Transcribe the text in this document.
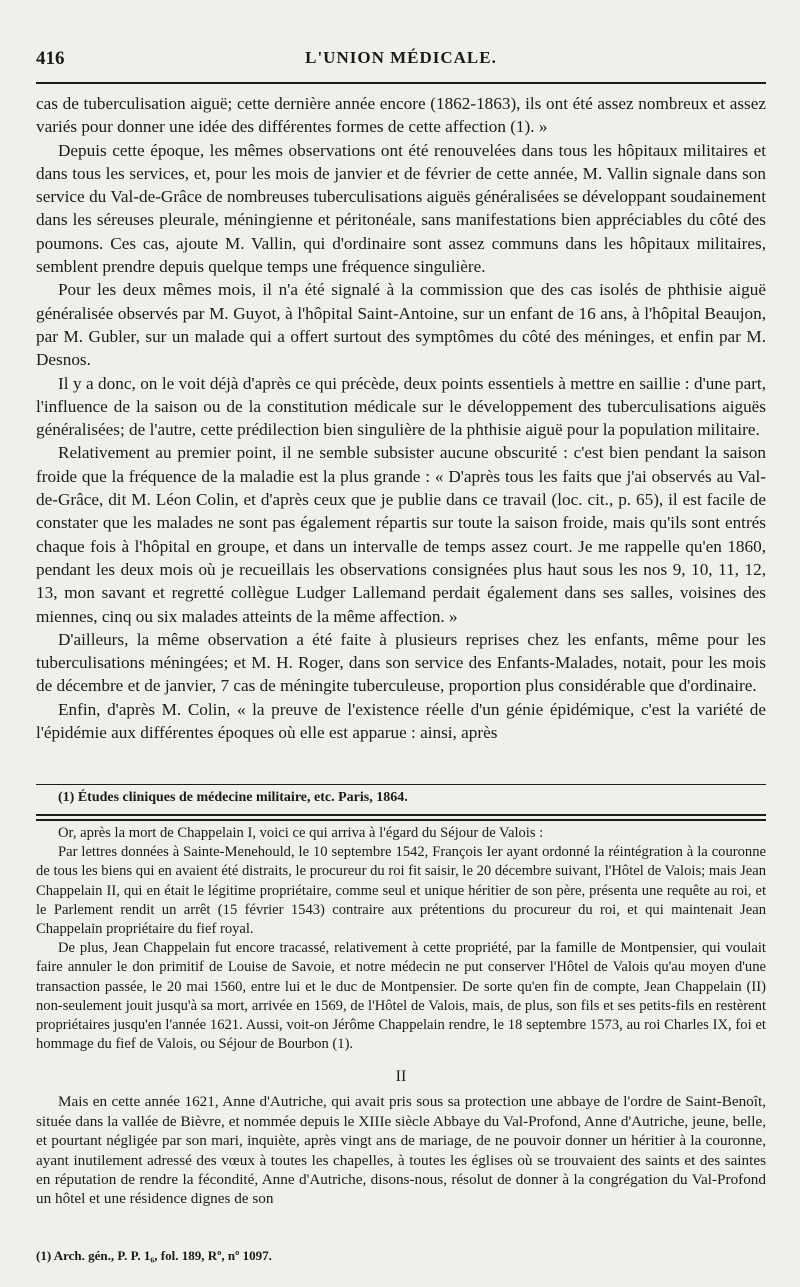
416	L'UNION MÉDICALE.

cas de tuberculisation aiguë; cette dernière année encore (1862-1863), ils ont été assez nombreux et assez variés pour donner une idée des différentes formes de cette affection (1). »

Depuis cette époque, les mêmes observations ont été renouvelées dans tous les hôpitaux militaires et dans tous les services, et, pour les mois de janvier et de février de cette année, M. Vallin signale dans son service du Val-de-Grâce de nombreuses tuberculisations aiguës généralisées se développant soudainement dans les séreuses pleurale, méningienne et péritonéale, sans manifestations bien appréciables du côté des poumons. Ces cas, ajoute M. Vallin, qui d'ordinaire sont assez communs dans les hôpitaux militaires, semblent prendre depuis quelque temps une fréquence singulière.

Pour les deux mêmes mois, il n'a été signalé à la commission que des cas isolés de phthisie aiguë généralisée observés par M. Guyot, à l'hôpital Saint-Antoine, sur un enfant de 16 ans, à l'hôpital Beaujon, par M. Gubler, sur un malade qui a offert surtout des symptômes du côté des méninges, et enfin par M. Desnos.

Il y a donc, on le voit déjà d'après ce qui précède, deux points essentiels à mettre en saillie : d'une part, l'influence de la saison ou de la constitution médicale sur le développement des tuberculisations aiguës généralisées; de l'autre, cette prédilection bien singulière de la phthisie aiguë pour la population militaire.

Relativement au premier point, il ne semble subsister aucune obscurité : c'est bien pendant la saison froide que la fréquence de la maladie est la plus grande : « D'après tous les faits que j'ai observés au Val-de-Grâce, dit M. Léon Colin, et d'après ceux que je publie dans ce travail (loc. cit., p. 65), il est facile de constater que les malades ne sont pas également répartis sur toute la saison froide, mais qu'ils sont entrés chaque fois à l'hôpital en groupe, et dans un intervalle de temps assez court. Je me rappelle qu'en 1860, pendant les deux mois où je recueillais les observations consignées plus haut sous les nos 9, 10, 11, 12, 13, mon savant et regretté collègue Ludger Lallemand perdait également dans ses salles, voisines des miennes, cinq ou six malades atteints de la même affection. »

D'ailleurs, la même observation a été faite à plusieurs reprises chez les enfants, même pour les tuberculisations méningées; et M. H. Roger, dans son service des Enfants-Malades, notait, pour les mois de décembre et de janvier, 7 cas de méningite tuberculeuse, proportion plus considérable que d'ordinaire.

Enfin, d'après M. Colin, « la preuve de l'existence réelle d'un génie épidémique, c'est la variété de l'épidémie aux différentes époques où elle est apparue : ainsi, après

(1) Études cliniques de médecine militaire, etc. Paris, 1864.

Or, après la mort de Chappelain I, voici ce qui arriva à l'égard du Séjour de Valois :

Par lettres données à Sainte-Menehould, le 10 septembre 1542, François Ier ayant ordonné la réintégration à la couronne de tous les biens qui en avaient été distraits, le procureur du roi fit saisir, le 20 décembre suivant, l'Hôtel de Valois; mais Jean Chappelain II, qui en était le légitime propriétaire, comme seul et unique héritier de son père, présenta une requête au roi, et le Parlement rendit un arrêt (15 février 1543) contraire aux prétentions du procureur du roi, et qui maintenait Jean Chappelain propriétaire du fief royal.

De plus, Jean Chappelain fut encore tracassé, relativement à cette propriété, par la famille de Montpensier, qui voulait faire annuler le don primitif de Louise de Savoie, et notre médecin ne put conserver l'Hôtel de Valois qu'au moyen d'une transaction passée, le 20 mai 1560, entre lui et le duc de Montpensier. De sorte qu'en fin de compte, Jean Chappelain (II) non-seulement jouit jusqu'à sa mort, arrivée en 1569, de l'Hôtel de Valois, mais, de plus, son fils et ses petits-fils en restèrent propriétaires jusqu'en l'année 1621. Aussi, voit-on Jérôme Chappelain rendre, le 18 septembre 1573, au roi Charles IX, foi et hommage du fief de Valois, ou Séjour de Bourbon (1).

II

Mais en cette année 1621, Anne d'Autriche, qui avait pris sous sa protection une abbaye de l'ordre de Saint-Benoît, située dans la vallée de Bièvre, et nommée depuis le XIIIe siècle Abbaye du Val-Profond, Anne d'Autriche, jeune, belle, et pourtant négligée par son mari, inquiète, après vingt ans de mariage, de ne pouvoir donner un héritier à la couronne, ayant inutilement adressé des vœux à toutes les chapelles, à toutes les églises où se trouvaient des saints et des saintes en réputation de rendre la fécondité, Anne d'Autriche, disons-nous, résolut de donner à la congrégation du Val-Profond un hôtel et une résidence dignes de son

(1) Arch. gén., P. P. 1₆, fol. 189, Rº, nº 1097.
